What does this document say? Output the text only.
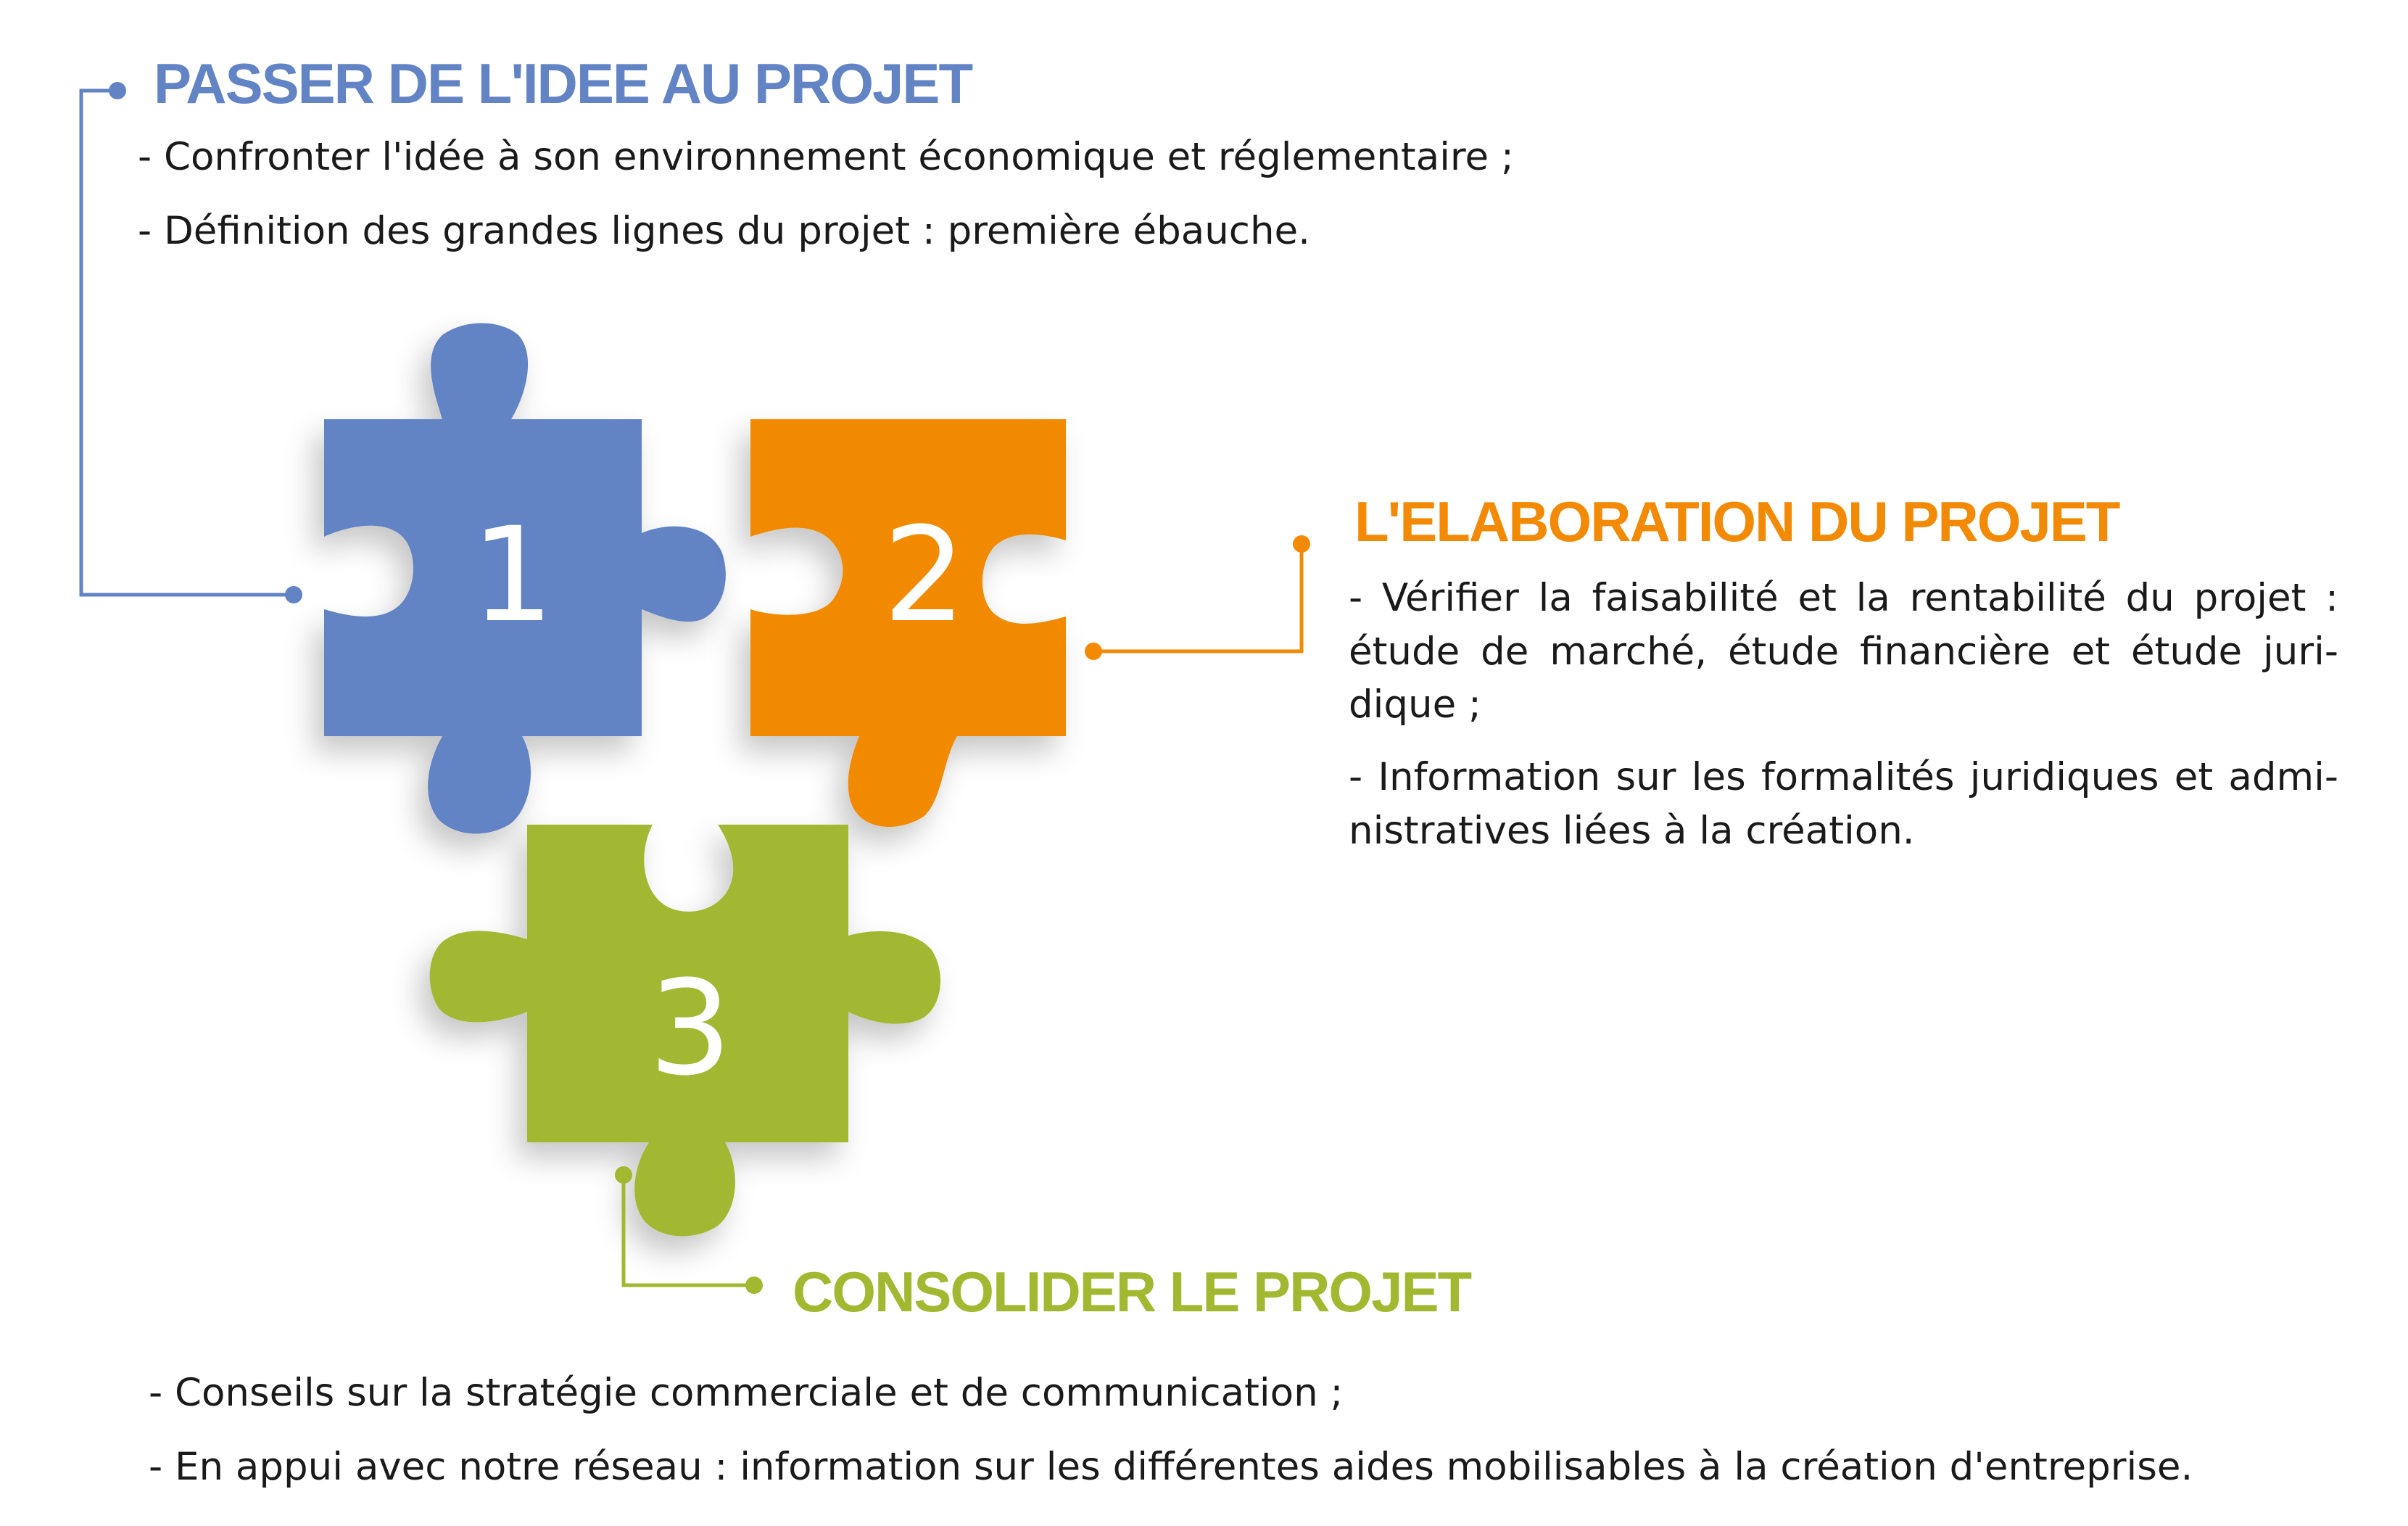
1	2
3
PASSER DE L'IDEE AU PROJET
- Confronter l'idée à son environnement économique et réglementaire ;
- Définition des grandes lignes du projet : première ébauche.
L'ELABORATION DU PROJET
- Vérifier la faisabilité et la rentabilité du projet : étude de marché, étude financière et étude juri-dique ;
- Information sur les formalités juridiques et admi-nistratives liées à la création.
CONSOLIDER LE PROJET
- Conseils sur la stratégie commerciale et de communication ;
- En appui avec notre réseau : information sur les différentes aides mobilisables à la création d'entreprise.
